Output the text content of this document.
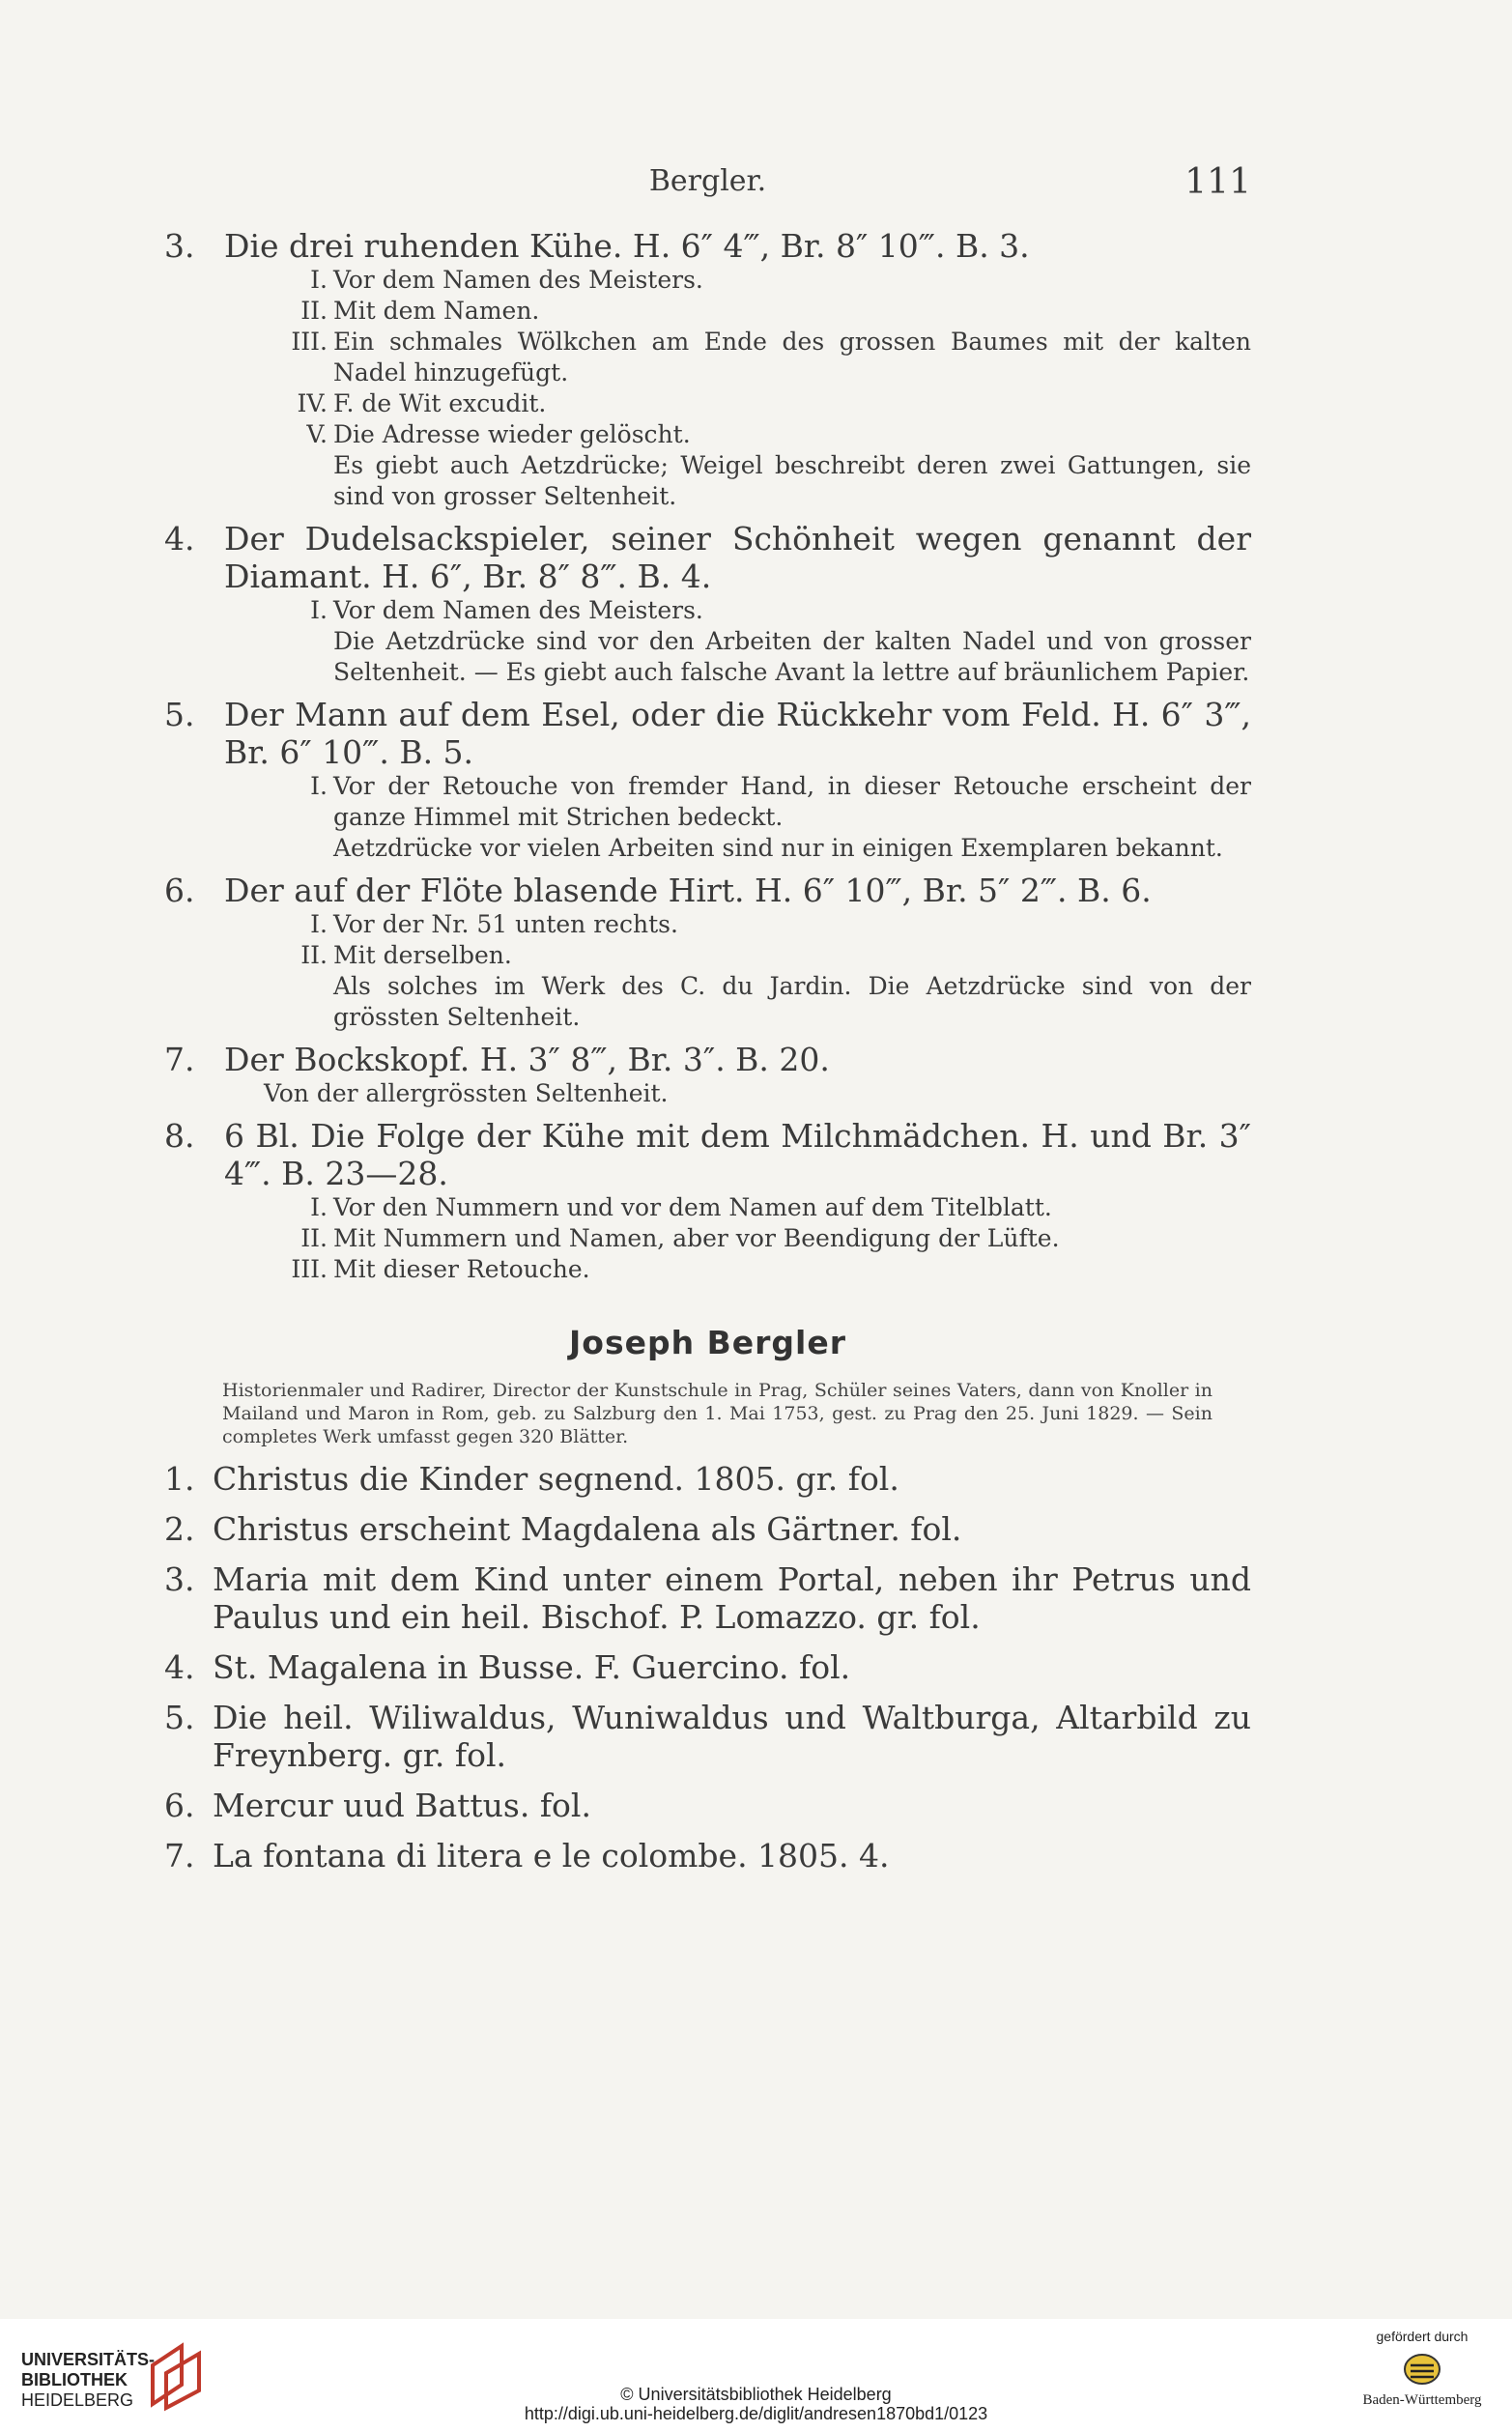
Bergler.	111

3. Die drei ruhenden Kühe. H. 6″ 4‴, Br. 8″ 10‴. B. 3.

I. Vor dem Namen des Meisters.

II. Mit dem Namen.

III. Ein schmales Wölkchen am Ende des grossen Baumes mit der kalten Nadel hinzugefügt.

IV. F. de Wit excudit.

V. Die Adresse wieder gelöscht.

Es giebt auch Aetzdrücke; Weigel beschreibt deren zwei Gattungen, sie sind von grosser Seltenheit.

4. Der Dudelsackspieler, seiner Schönheit wegen genannt der Diamant. H. 6″, Br. 8″ 8‴. B. 4.

I. Vor dem Namen des Meisters.

Die Aetzdrücke sind vor den Arbeiten der kalten Nadel und von grosser Seltenheit. — Es giebt auch falsche Avant la lettre auf bräunlichem Papier.

5. Der Mann auf dem Esel, oder die Rückkehr vom Feld. H. 6″ 3‴, Br. 6″ 10‴. B. 5.

I. Vor der Retouche von fremder Hand, in dieser Retouche erscheint der ganze Himmel mit Strichen bedeckt.

Aetzdrücke vor vielen Arbeiten sind nur in einigen Exemplaren bekannt.

6. Der auf der Flöte blasende Hirt. H. 6″ 10‴, Br. 5″ 2‴. B. 6.

I. Vor der Nr. 51 unten rechts.

II. Mit derselben.

Als solches im Werk des C. du Jardin. Die Aetzdrücke sind von der grössten Seltenheit.

7. Der Bockskopf. H. 3″ 8‴, Br. 3″. B. 20.

Von der allergrössten Seltenheit.

8. 6 Bl. Die Folge der Kühe mit dem Milchmädchen. H. und Br. 3″ 4‴. B. 23—28.

I. Vor den Nummern und vor dem Namen auf dem Titelblatt.

II. Mit Nummern und Namen, aber vor Beendigung der Lüfte.

III. Mit dieser Retouche.

Joseph Bergler

Historienmaler und Radirer, Director der Kunstschule in Prag, Schüler seines Vaters, dann von Knoller in Mailand und Maron in Rom, geb. zu Salzburg den 1. Mai 1753, gest. zu Prag den 25. Juni 1829. — Sein completes Werk umfasst gegen 320 Blätter.

1. Christus die Kinder segnend. 1805. gr. fol.

2. Christus erscheint Magdalena als Gärtner. fol.

3. Maria mit dem Kind unter einem Portal, neben ihr Petrus und Paulus und ein heil. Bischof. P. Lomazzo. gr. fol.

4. St. Magalena in Busse. F. Guercino. fol.

5. Die heil. Wiliwaldus, Wuniwaldus und Waltburga, Altarbild zu Freynberg. gr. fol.

6. Mercur uud Battus. fol.

7. La fontana di litera e le colombe. 1805. 4.

UNIVERSITÄTS-
BIBLIOTHEK
HEIDELBERG	© Universitätsbibliothek Heidelberg
http://digi.ub.uni-heidelberg.de/diglit/andresen1870bd1/0123
gefördert durch
Baden-Württemberg
